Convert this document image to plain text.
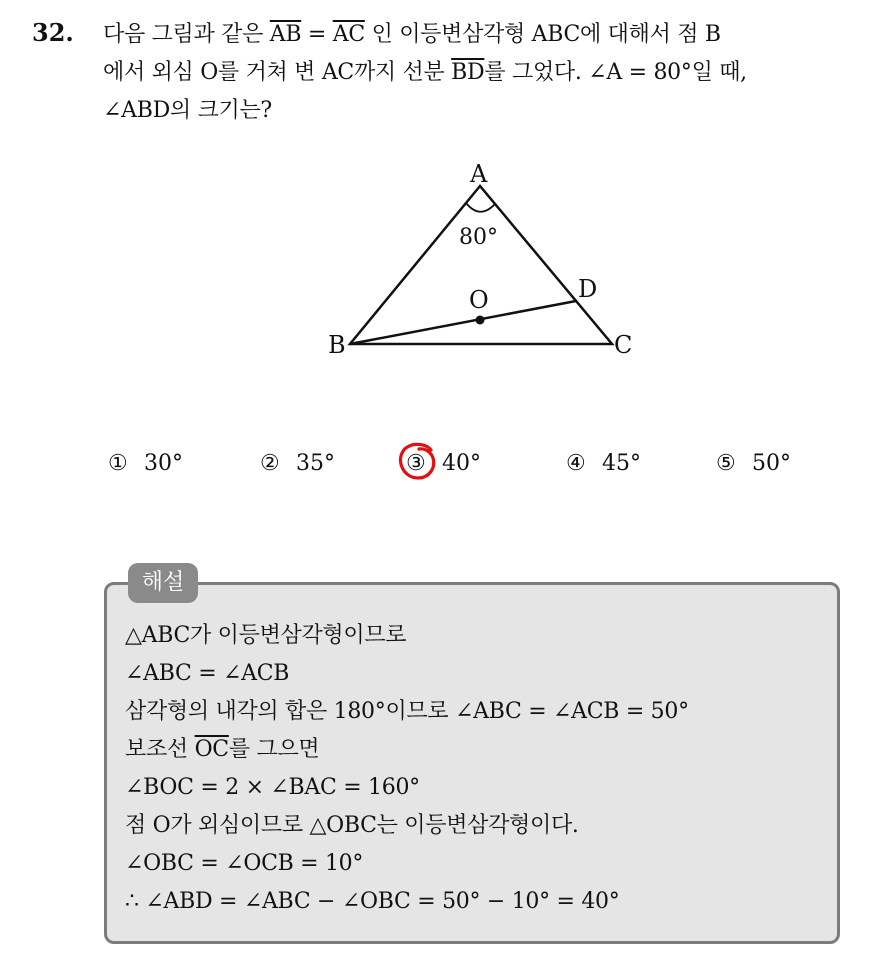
32. 다음 그림과 같은 $\overline{AB} = \overline{AC}$ 인 이등변삼각형 ABC에 대해서 점 B
에서 외심 O를 거쳐 변 AC까지 선분 $\overline{BD}$를 그었다. ∠A = 80°일 때,
∠ABD의 크기는?
A
B	C
D
O
80°
① 30°	② 35°	③ 40°	④ 45°	⑤ 50°
해설
△ABC가 이등변삼각형이므로
∠ABC = ∠ACB
삼각형의 내각의 합은 180°이므로 ∠ABC = ∠ACB = 50°
보조선 $\overline{OC}$를 그으면
∠BOC = 2 × ∠BAC = 160°
점 O가 외심이므로 △OBC는 이등변삼각형이다.
∠OBC = ∠OCB = 10°
∴ ∠ABD = ∠ABC − ∠OBC = 50° − 10° = 40°
